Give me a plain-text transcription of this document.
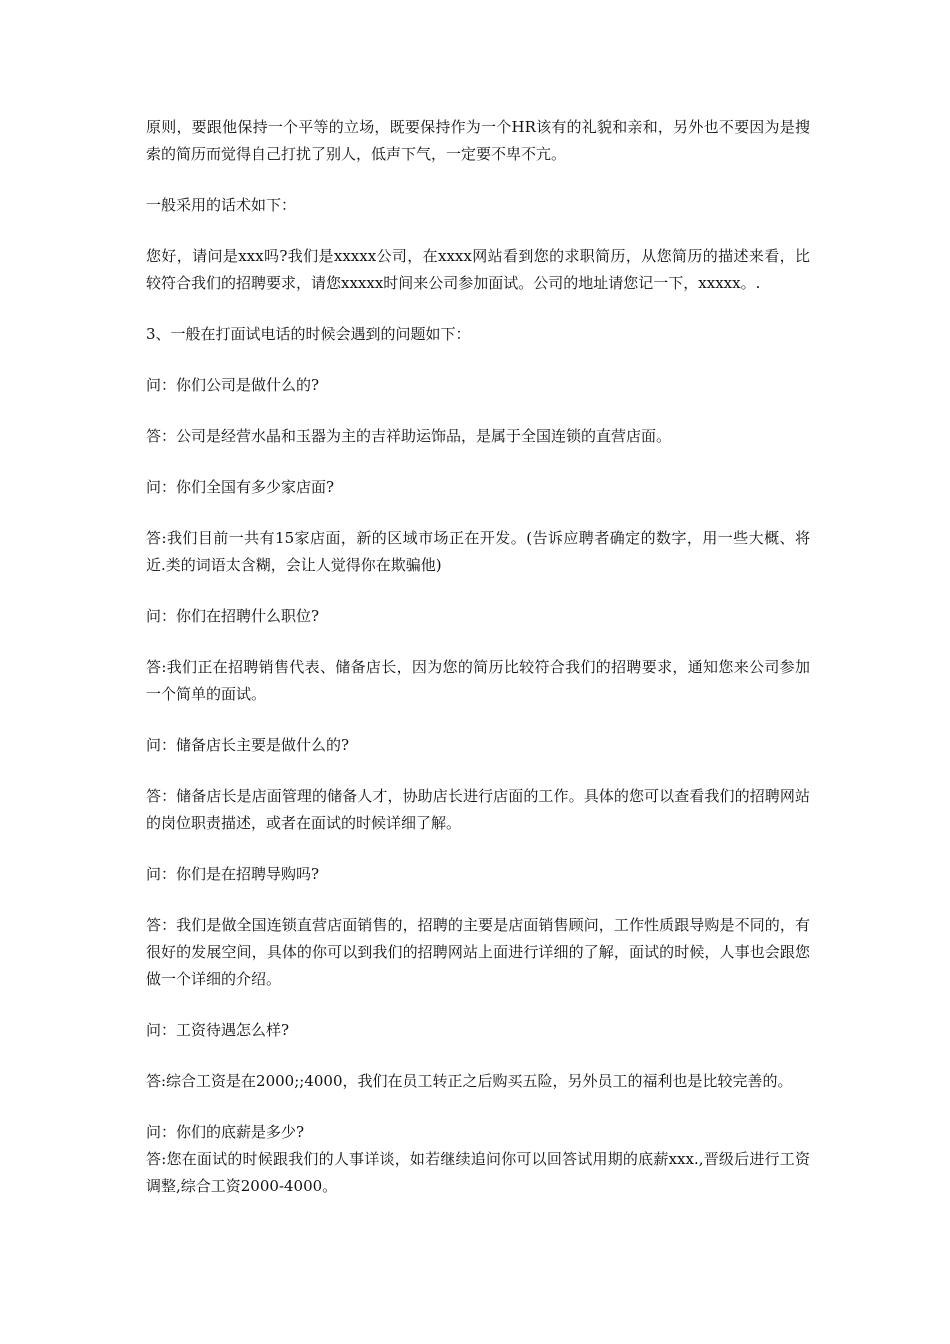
原则，要跟他保持一个平等的立场，既要保持作为一个HR该有的礼貌和亲和，另外也不要因为是搜索的简历而觉得自己打扰了别人，低声下气，一定要不卑不亢。

一般采用的话术如下：

您好，请问是xxx吗?我们是xxxxx公司，在xxxx网站看到您的求职简历，从您简历的描述来看，比较符合我们的招聘要求，请您xxxxx时间来公司参加面试。公司的地址请您记一下，xxxxx。.

3、一般在打面试电话的时候会遇到的问题如下：

问：你们公司是做什么的?

答：公司是经营水晶和玉器为主的吉祥助运饰品，是属于全国连锁的直营店面。

问：你们全国有多少家店面?

答:我们目前一共有15家店面，新的区域市场正在开发。(告诉应聘者确定的数字，用一些大概、将近.类的词语太含糊，会让人觉得你在欺骗他)

问：你们在招聘什么职位?

答:我们正在招聘销售代表、储备店长，因为您的简历比较符合我们的招聘要求，通知您来公司参加一个简单的面试。

问：储备店长主要是做什么的?

答：储备店长是店面管理的储备人才，协助店长进行店面的工作。具体的您可以查看我们的招聘网站的岗位职责描述，或者在面试的时候详细了解。

问：你们是在招聘导购吗?

答：我们是做全国连锁直营店面销售的，招聘的主要是店面销售顾问，工作性质跟导购是不同的，有很好的发展空间，具体的你可以到我们的招聘网站上面进行详细的了解，面试的时候，人事也会跟您做一个详细的介绍。

问：工资待遇怎么样?

答:综合工资是在2000;;4000，我们在员工转正之后购买五险，另外员工的福利也是比较完善的。

问：你们的底薪是多少?

答:您在面试的时候跟我们的人事详谈，如若继续追问你可以回答试用期的底薪xxx.,晋级后进行工资调整,综合工资2000-4000。
